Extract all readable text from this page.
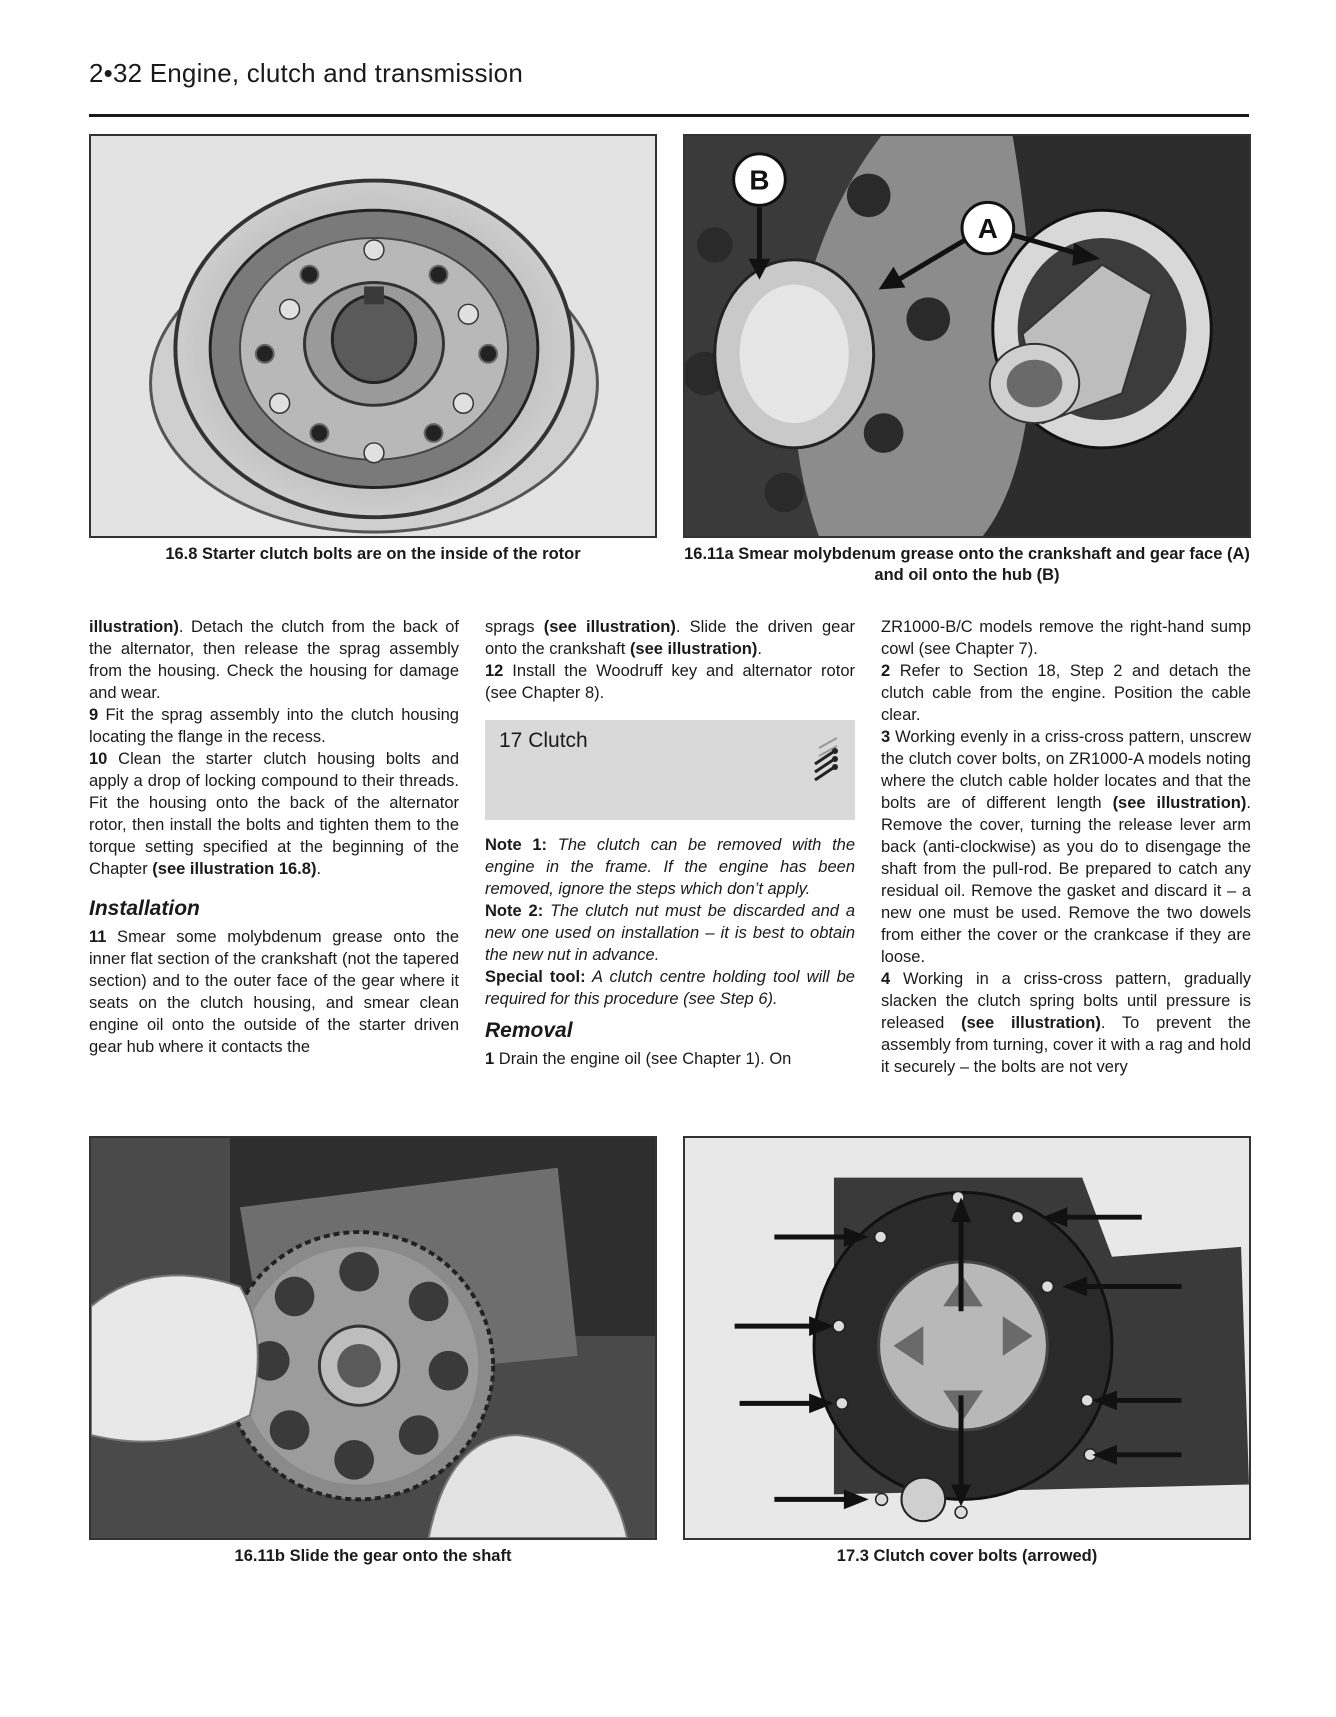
2•32 Engine, clutch and transmission
16.8 Starter clutch bolts are on the inside of the rotor
B
A
16.11a Smear molybdenum grease onto the crankshaft and gear face (A) and oil onto the hub (B)

illustration). Detach the clutch from the back of the alternator, then release the sprag assembly from the housing. Check the housing for damage and wear.

9 Fit the sprag assembly into the clutch housing locating the flange in the recess.

10 Clean the starter clutch housing bolts and apply a drop of locking compound to their threads. Fit the housing onto the back of the alternator rotor, then install the bolts and tighten them to the torque setting specified at the beginning of the Chapter (see illustration 16.8).

Installation

11 Smear some molybdenum grease onto the inner flat section of the crankshaft (not the tapered section) and to the outer face of the gear where it seats on the clutch housing, and smear clean engine oil onto the outside of the starter driven gear hub where it contacts the

sprags (see illustration). Slide the driven gear onto the crankshaft (see illustration).

12 Install the Woodruff key and alternator rotor (see Chapter 8).

17 Clutch

Note 1: The clutch can be removed with the engine in the frame. If the engine has been removed, ignore the steps which don’t apply.

Note 2: The clutch nut must be discarded and a new one used on installation – it is best to obtain the new nut in advance.

Special tool: A clutch centre holding tool will be required for this procedure (see Step 6).

Removal

1 Drain the engine oil (see Chapter 1). On

ZR1000-B/C models remove the right-hand sump cowl (see Chapter 7).

2 Refer to Section 18, Step 2 and detach the clutch cable from the engine. Position the cable clear.

3 Working evenly in a criss-cross pattern, unscrew the clutch cover bolts, on ZR1000-A models noting where the clutch cable holder locates and that the bolts are of different length (see illustration). Remove the cover, turning the release lever arm back (anti-clockwise) as you do to disengage the shaft from the pull-rod. Be prepared to catch any residual oil. Remove the gasket and discard it – a new one must be used. Remove the two dowels from either the cover or the crankcase if they are loose.

4 Working in a criss-cross pattern, gradually slacken the clutch spring bolts until pressure is released (see illustration). To prevent the assembly from turning, cover it with a rag and hold it securely – the bolts are not very

16.11b Slide the gear onto the shaft	17.3 Clutch cover bolts (arrowed)
